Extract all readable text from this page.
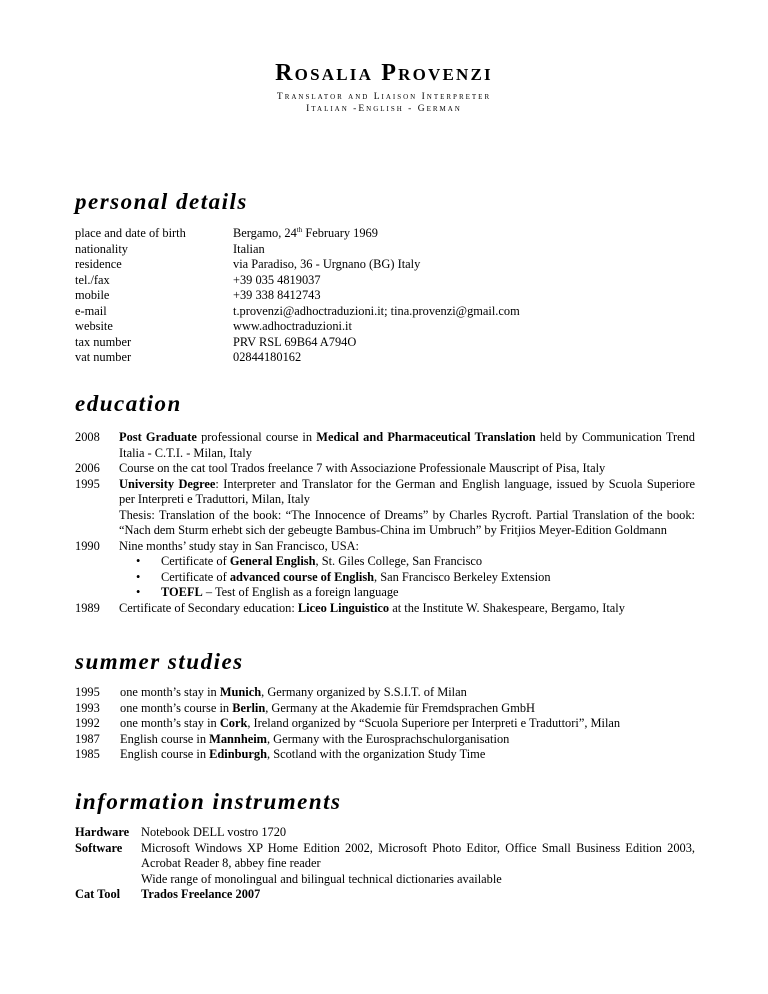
Rosalia Provenzi
Translator and Liaison Interpreter
Italian -English - German
personal details
place and date of birth	Bergamo, 24th February 1969
nationality	Italian
residence	via Paradiso, 36 - Urgnano (BG) Italy
tel./fax	+39 035 4819037
mobile	+39 338 8412743
e-mail	t.provenzi@adhoctraduzioni.it; tina.provenzi@gmail.com
website	www.adhoctraduzioni.it
tax number	PRV RSL 69B64 A794O
vat number	02844180162
education
2008	Post Graduate professional course in Medical and Pharmaceutical Translation held by Communication Trend Italia - C.T.I. - Milan, Italy
2006	Course on the cat tool Trados freelance 7 with Associazione Professionale Mauscript of Pisa, Italy
1995	University Degree: Interpreter and Translator for the German and English language, issued by Scuola Superiore per Interpreti e Traduttori, Milan, Italy
Thesis: Translation of the book: “The Innocence of Dreams” by Charles Rycroft. Partial Translation of the book: “Nach dem Sturm erhebt sich der gebeugte Bambus-China im Umbruch” by Fritjios Meyer-Edition Goldmann
1990	Nine months’ study stay in San Francisco, USA:
• Certificate of General English, St. Giles College, San Francisco
• Certificate of advanced course of English, San Francisco Berkeley Extension
• TOEFL – Test of English as a foreign language
1989	Certificate of Secondary education: Liceo Linguistico at the Institute W. Shakespeare, Bergamo, Italy
summer studies
1995	one month’s stay in Munich, Germany organized by S.S.I.T. of Milan
1993	one month’s course in Berlin, Germany at the Akademie für Fremdsprachen GmbH
1992	one month’s stay in Cork, Ireland organized by “Scuola Superiore per Interpreti e Traduttori”, Milan
1987	English course in Mannheim, Germany with the Eurosprachschulorganisation
1985	English course in Edinburgh, Scotland with the organization Study Time
information instruments
Hardware Notebook DELL vostro 1720
Software	Microsoft Windows XP Home Edition 2002, Microsoft Photo Editor, Office Small Business Edition 2003, Acrobat Reader 8, abbey fine reader
Wide range of monolingual and bilingual technical dictionaries available
Cat Tool	Trados Freelance 2007
